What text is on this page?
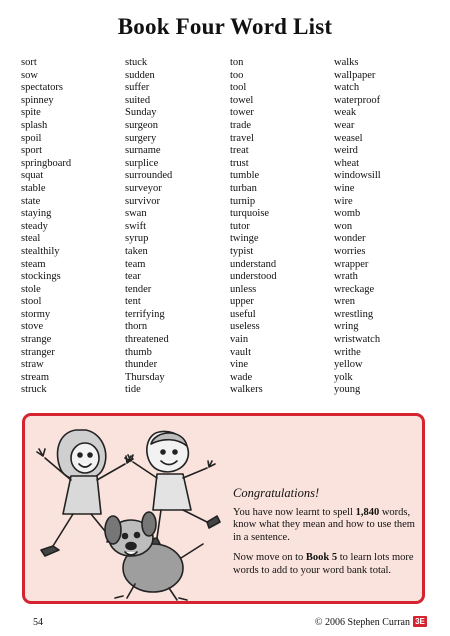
Book Four Word List
sort
sow
spectators
spinney
spite
splash
spoil
sport
springboard
squat
stable
state
staying
steady
steal
stealthily
steam
stockings
stole
stool
stormy
stove
strange
stranger
straw
stream
struck
stuck
sudden
suffer
suited
Sunday
surgeon
surgery
surname
surplice
surrounded
surveyor
survivor
swan
swift
syrup
taken
team
tear
tender
tent
terrifying
thorn
threatened
thumb
thunder
Thursday
tide
ton
too
tool
towel
tower
trade
travel
treat
trust
tumble
turban
turnip
turquoise
tutor
twinge
typist
understand
understood
unless
upper
useful
useless
vain
vault
vine
wade
walkers
walks
wallpaper
watch
waterproof
weak
wear
weasel
weird
wheat
windowsill
wine
wire
womb
won
wonder
worries
wrapper
wrath
wreckage
wren
wrestling
wring
wristwatch
writhe
yellow
yolk
young

Congratulations!

You have now learnt to spell 1,840 words, know what they mean and how to use them in a sentence.

Now move on to Book 5 to learn lots more words to add to your word bank total.

54	© 2006 Stephen Curran 3E
